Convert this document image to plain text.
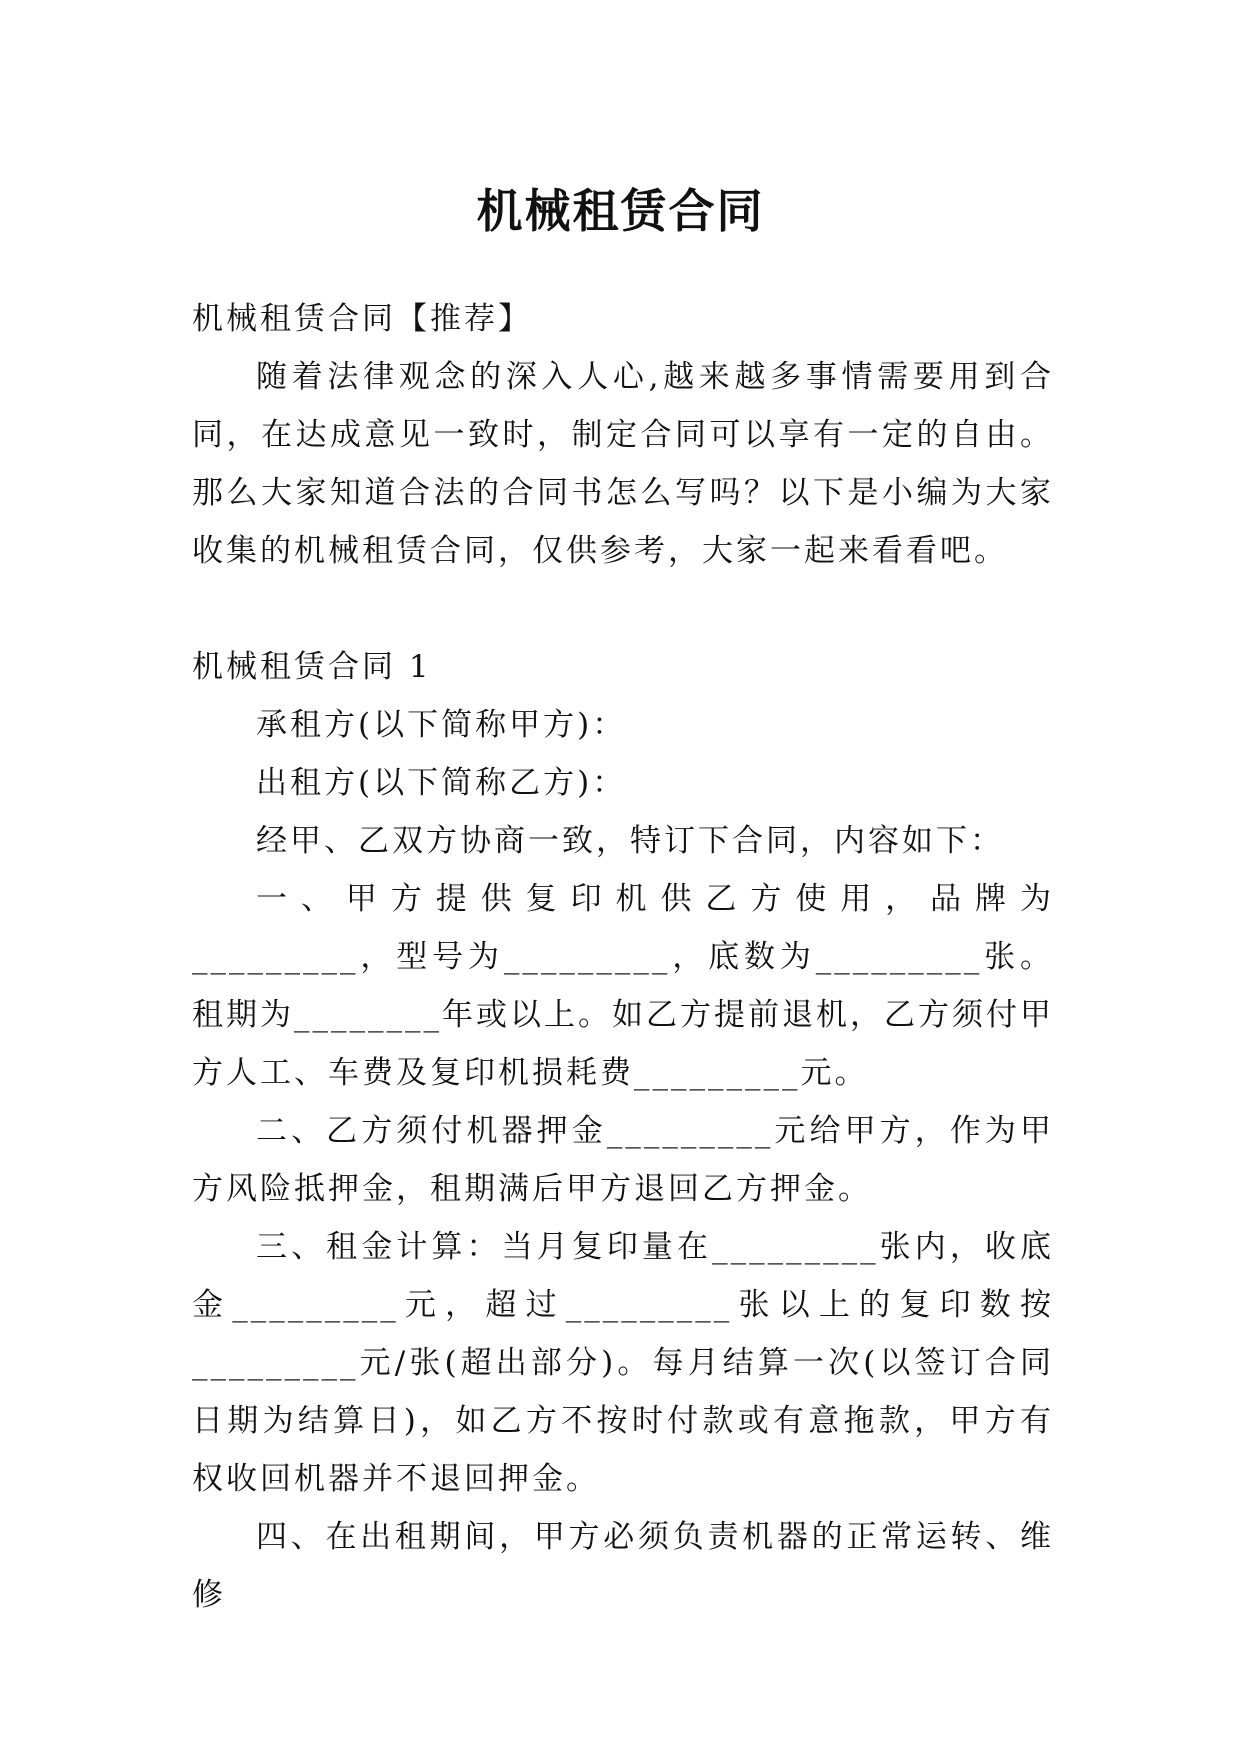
机械租赁合同

机械租赁合同【推荐】

随着法律观念的深入人心,越来越多事情需要用到合同，在达成意见一致时，制定合同可以享有一定的自由。那么大家知道合法的合同书怎么写吗？以下是小编为大家收集的机械租赁合同，仅供参考，大家一起来看看吧。

机械租赁合同 1

承租方(以下简称甲方)：

出租方(以下简称乙方)：

经甲、乙双方协商一致，特订下合同，内容如下：

一、甲方提供复印机供乙方使用，品牌为_________，型号为_________，底数为_________张。租期为________年或以上。如乙方提前退机，乙方须付甲方人工、车费及复印机损耗费_________元。

二、乙方须付机器押金_________元给甲方，作为甲方风险抵押金，租期满后甲方退回乙方押金。

三、租金计算：当月复印量在_________张内，收底金_________元，超过_________张以上的复印数按_________元/张(超出部分)。每月结算一次(以签订合同日期为结算日)，如乙方不按时付款或有意拖款，甲方有权收回机器并不退回押金。

四、在出租期间，甲方必须负责机器的正常运转、维修
